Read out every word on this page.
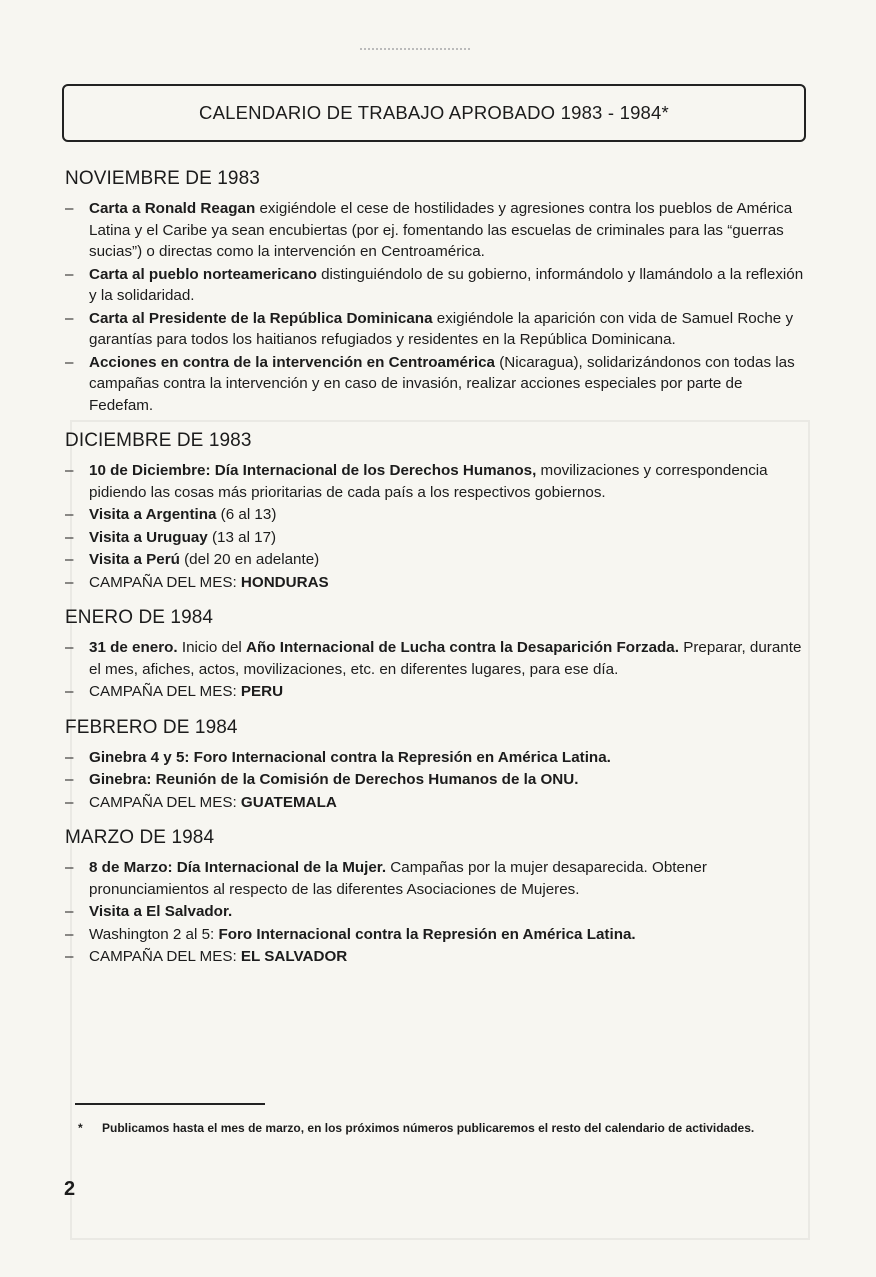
CALENDARIO DE TRABAJO APROBADO 1983 - 1984*
NOVIEMBRE DE 1983
– Carta a Ronald Reagan exigiéndole el cese de hostilidades y agresiones contra los pueblos de América Latina y el Caribe ya sean encubiertas (por ej. fomentando las escuelas de criminales para las “guerras sucias”) o directas como la intervención en Centroamérica.
– Carta al pueblo norteamericano distinguiéndolo de su gobierno, informándolo y llamándolo a la reflexión y la solidaridad.
– Carta al Presidente de la República Dominicana exigiéndole la aparición con vida de Samuel Roche y garantías para todos los haitianos refugiados y residentes en la República Dominicana.
– Acciones en contra de la intervención en Centroamérica (Nicaragua), solidarizándonos con todas las campañas contra la intervención y en caso de invasión, realizar acciones especiales por parte de Fedefam.
DICIEMBRE DE 1983
– 10 de Diciembre: Día Internacional de los Derechos Humanos, movilizaciones y correspondencia pidiendo las cosas más prioritarias de cada país a los respectivos gobiernos.
– Visita a Argentina (6 al 13)
– Visita a Uruguay (13 al 17)
– Visita a Perú (del 20 en adelante)
– CAMPAÑA DEL MES: HONDURAS
ENERO DE 1984
– 31 de enero. Inicio del Año Internacional de Lucha contra la Desaparición Forzada. Preparar, durante el mes, afiches, actos, movilizaciones, etc. en diferentes lugares, para ese día.
– CAMPAÑA DEL MES: PERU
FEBRERO DE 1984
– Ginebra 4 y 5: Foro Internacional contra la Represión en América Latina.
– Ginebra: Reunión de la Comisión de Derechos Humanos de la ONU.
– CAMPAÑA DEL MES: GUATEMALA
MARZO DE 1984
– 8 de Marzo: Día Internacional de la Mujer. Campañas por la mujer desaparecida. Obtener pronunciamientos al respecto de las diferentes Asociaciones de Mujeres.
– Visita a El Salvador.
– Washington 2 al 5: Foro Internacional contra la Represión en América Latina.
– CAMPAÑA DEL MES: EL SALVADOR
*	Publicamos hasta el mes de marzo, en los próximos números publicaremos el resto del calendario de actividades.
2
